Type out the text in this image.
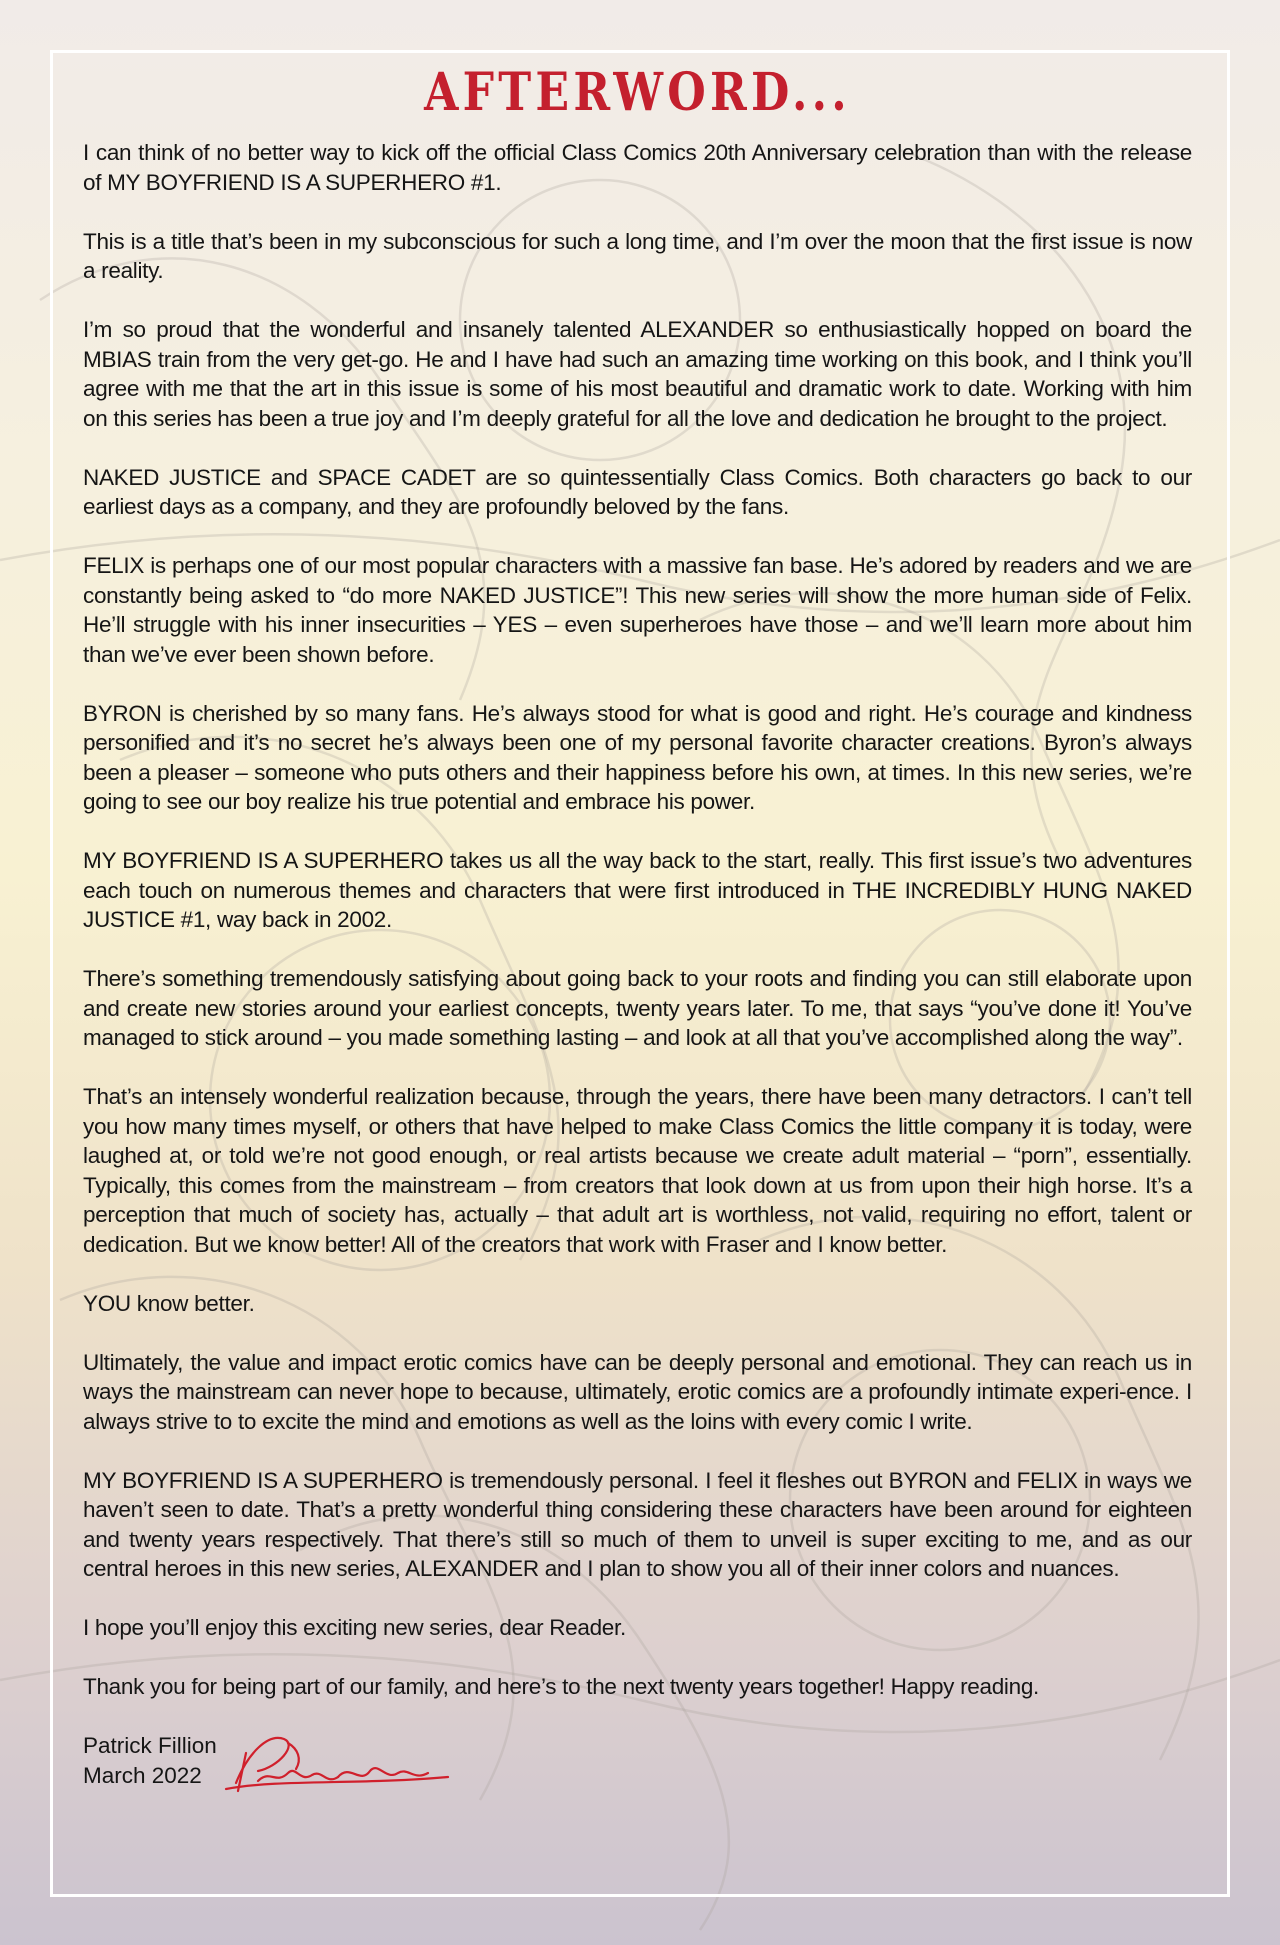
AFTERWORD...

I can think of no better way to kick off the official Class Comics 20th Anniversary celebration than with the release of MY BOYFRIEND IS A SUPERHERO #1.

This is a title that’s been in my subconscious for such a long time, and I’m over the moon that the first issue is now a reality.

I’m so proud that the wonderful and insanely talented ALEXANDER so enthusiastically hopped on board the MBIAS train from the very get-go. He and I have had such an amazing time working on this book, and I think you’ll agree with me that the art in this issue is some of his most beautiful and dramatic work to date. Working with him on this series has been a true joy and I’m deeply grateful for all the love and dedication he brought to the project.

NAKED JUSTICE and SPACE CADET are so quintessentially Class Comics. Both characters go back to our earliest days as a company, and they are profoundly beloved by the fans.

FELIX is perhaps one of our most popular characters with a massive fan base. He’s adored by readers and we are constantly being asked to “do more NAKED JUSTICE”! This new series will show the more human side of Felix. He’ll struggle with his inner insecurities – YES – even superheroes have those – and we’ll learn more about him than we’ve ever been shown before.

BYRON is cherished by so many fans. He’s always stood for what is good and right. He’s courage and kindness personified and it’s no secret he’s always been one of my personal favorite character creations. Byron’s always been a pleaser – someone who puts others and their happiness before his own, at times. In this new series, we’re going to see our boy realize his true potential and embrace his power.

MY BOYFRIEND IS A SUPERHERO takes us all the way back to the start, really. This first issue’s two adventures each touch on numerous themes and characters that were first introduced in THE INCREDIBLY HUNG NAKED JUSTICE #1, way back in 2002.

There’s something tremendously satisfying about going back to your roots and finding you can still elaborate upon and create new stories around your earliest concepts, twenty years later. To me, that says “you’ve done it! You’ve managed to stick around – you made something lasting – and look at all that you’ve accomplished along the way”.

That’s an intensely wonderful realization because, through the years, there have been many detractors. I can’t tell you how many times myself, or others that have helped to make Class Comics the little company it is today, were laughed at, or told we’re not good enough, or real artists because we create adult material – “porn”, essentially. Typically, this comes from the mainstream – from creators that look down at us from upon their high horse. It’s a perception that much of society has, actually – that adult art is worthless, not valid, requiring no effort, talent or dedication. But we know better! All of the creators that work with Fraser and I know better.

YOU know better.

Ultimately, the value and impact erotic comics have can be deeply personal and emotional. They can reach us in ways the mainstream can never hope to because, ultimately, erotic comics are a profoundly intimate experi-ence. I always strive to to excite the mind and emotions as well as the loins with every comic I write.

MY BOYFRIEND IS A SUPERHERO is tremendously personal. I feel it fleshes out BYRON and FELIX in ways we haven’t seen to date. That’s a pretty wonderful thing considering these characters have been around for eighteen and twenty years respectively. That there’s still so much of them to unveil is super exciting to me, and as our central heroes in this new series, ALEXANDER and I plan to show you all of their inner colors and nuances.

I hope you’ll enjoy this exciting new series, dear Reader.

Thank you for being part of our family, and here’s to the next twenty years together! Happy reading.

Patrick Fillion
March 2022
